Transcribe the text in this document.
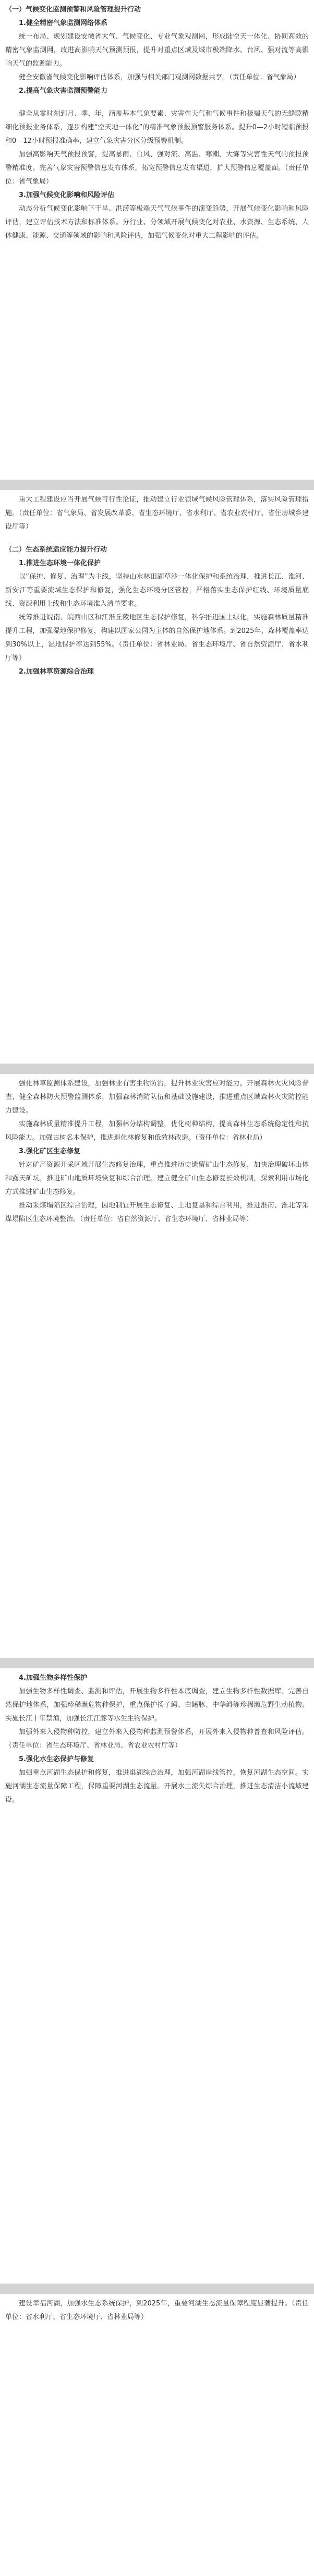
（一）气候变化监测预警和风险管理提升行动

1.健全精密气象监测网络体系

统一布局、规划建设安徽省大气、气候变化、专业气象观测网，形成陆空天一体化、协同高效的精密气象监测网，改进高影响天气预测预报，提升对重点区域及城市极端降水、台风、强对流等高影响天气的监测能力。

健全安徽省气候变化影响评估体系，加强与相关部门观测网数据共享。（责任单位：省气象局）

2.提高气象灾害监测预警能力

健全从零时刻到月、季、年，涵盖基本气象要素、灾害性天气和气候事件和极端天气的无缝隙精细化预报业务体系，逐步构建“空天地一体化”的精准气象预报预警服务体系。提升0—2小时短临预报和0—12小时预报准确率，建立气象灾害分区分级预警机制。

加强高影响天气预报预警，提高暴雨、台风、强对流、高温、寒潮、大雾等灾害性天气的预报预警精准度。完善气象灾害预警信息发布体系，拓宽预警信息发布渠道，扩大预警信息覆盖面。（责任单位：省气象局）

3.加强气候变化影响和风险评估

动态分析气候变化影响下干旱、洪涝等极端天气气候事件的演变趋势，开展气候变化影响和风险评估，建立评估技术方法和标准体系。分行业、分领域开展气候变化对农业、水资源、生态系统、人体健康、能源、交通等领域的影响和风险评估，加强气候变化对重大工程影响的评估。

重大工程建设应当开展气候可行性论证，推动建立行业领域气候风险管理体系，落实风险管理措施。（责任单位：省气象局、省发展改革委、省生态环境厅、省水利厅、省农业农村厅、省住房城乡建设厅等）

（二）生态系统适应能力提升行动

1.推进生态环境一体化保护

以“保护、修复、治理”为主线，坚持山水林田湖草沙一体化保护和系统治理，推进长江、淮河、新安江等重要流域生态保护和修复，强化生态环境分区管控，严格落实生态保护红线、环境质量底线、资源利用上线和生态环境准入清单要求。

统筹推进皖南、皖西山区和江淮丘陵地区生态保护修复，科学推进国土绿化，实施森林质量精准提升工程，加强湿地保护修复，构建以国家公园为主体的自然保护地体系。到2025年，森林覆盖率达到30%以上，湿地保护率达到55%。（责任单位：省林业局、省生态环境厅、省自然资源厅、省水利厅等）

2.加强林草资源综合治理

强化林草监测体系建设，加强林业有害生物防治，提升林业灾害应对能力。开展森林火灾风险普查，健全森林防火预警监测体系，加强森林消防队伍和基础设施建设，推进重点区域森林火灾防控能力建设。

实施森林质量精准提升工程，加强林分结构调整，优化树种结构，提高森林生态系统稳定性和抗风险能力。加强古树名木保护，推进退化林修复和低效林改造。（责任单位：省林业局）

3.强化矿区生态修复

针对矿产资源开采区域开展生态修复治理，重点推进历史遗留矿山生态修复，加快治理破坏山体和露天矿坑，推进矿山地质环境恢复和综合治理。建立健全矿山生态修复长效机制，探索利用市场化方式推进矿山生态修复。

推动采煤塌陷区综合治理，因地制宜开展生态修复、土地复垦和综合利用，推进淮南、淮北等采煤塌陷区生态环境整治。（责任单位：省自然资源厅、省生态环境厅、省林业局等）

4.加强生物多样性保护

加强生物多样性调查、监测和评估，开展生物多样性本底调查，建立生物多样性数据库。完善自然保护地体系，加强珍稀濒危物种保护，重点保护扬子鳄、白鳍豚、中华鲟等珍稀濒危野生动植物。实施长江十年禁渔，加强长江江豚等水生生物保护。

加强外来入侵物种防控，建立外来入侵物种监测预警体系，开展外来入侵物种普查和风险评估。（责任单位：省生态环境厅、省林业局、省农业农村厅等）

5.强化水生态保护与修复

加强重点河湖生态保护和修复，推进巢湖综合治理，加强河湖岸线管控，恢复河湖生态空间。实施河湖生态流量保障工程，保障重要河湖生态流量。开展水土流失综合治理，推进生态清洁小流域建设。

建设幸福河湖，加强水生态系统保护，到2025年，重要河湖生态流量保障程度显著提升。（责任单位：省水利厅、省生态环境厅、省林业局等）
